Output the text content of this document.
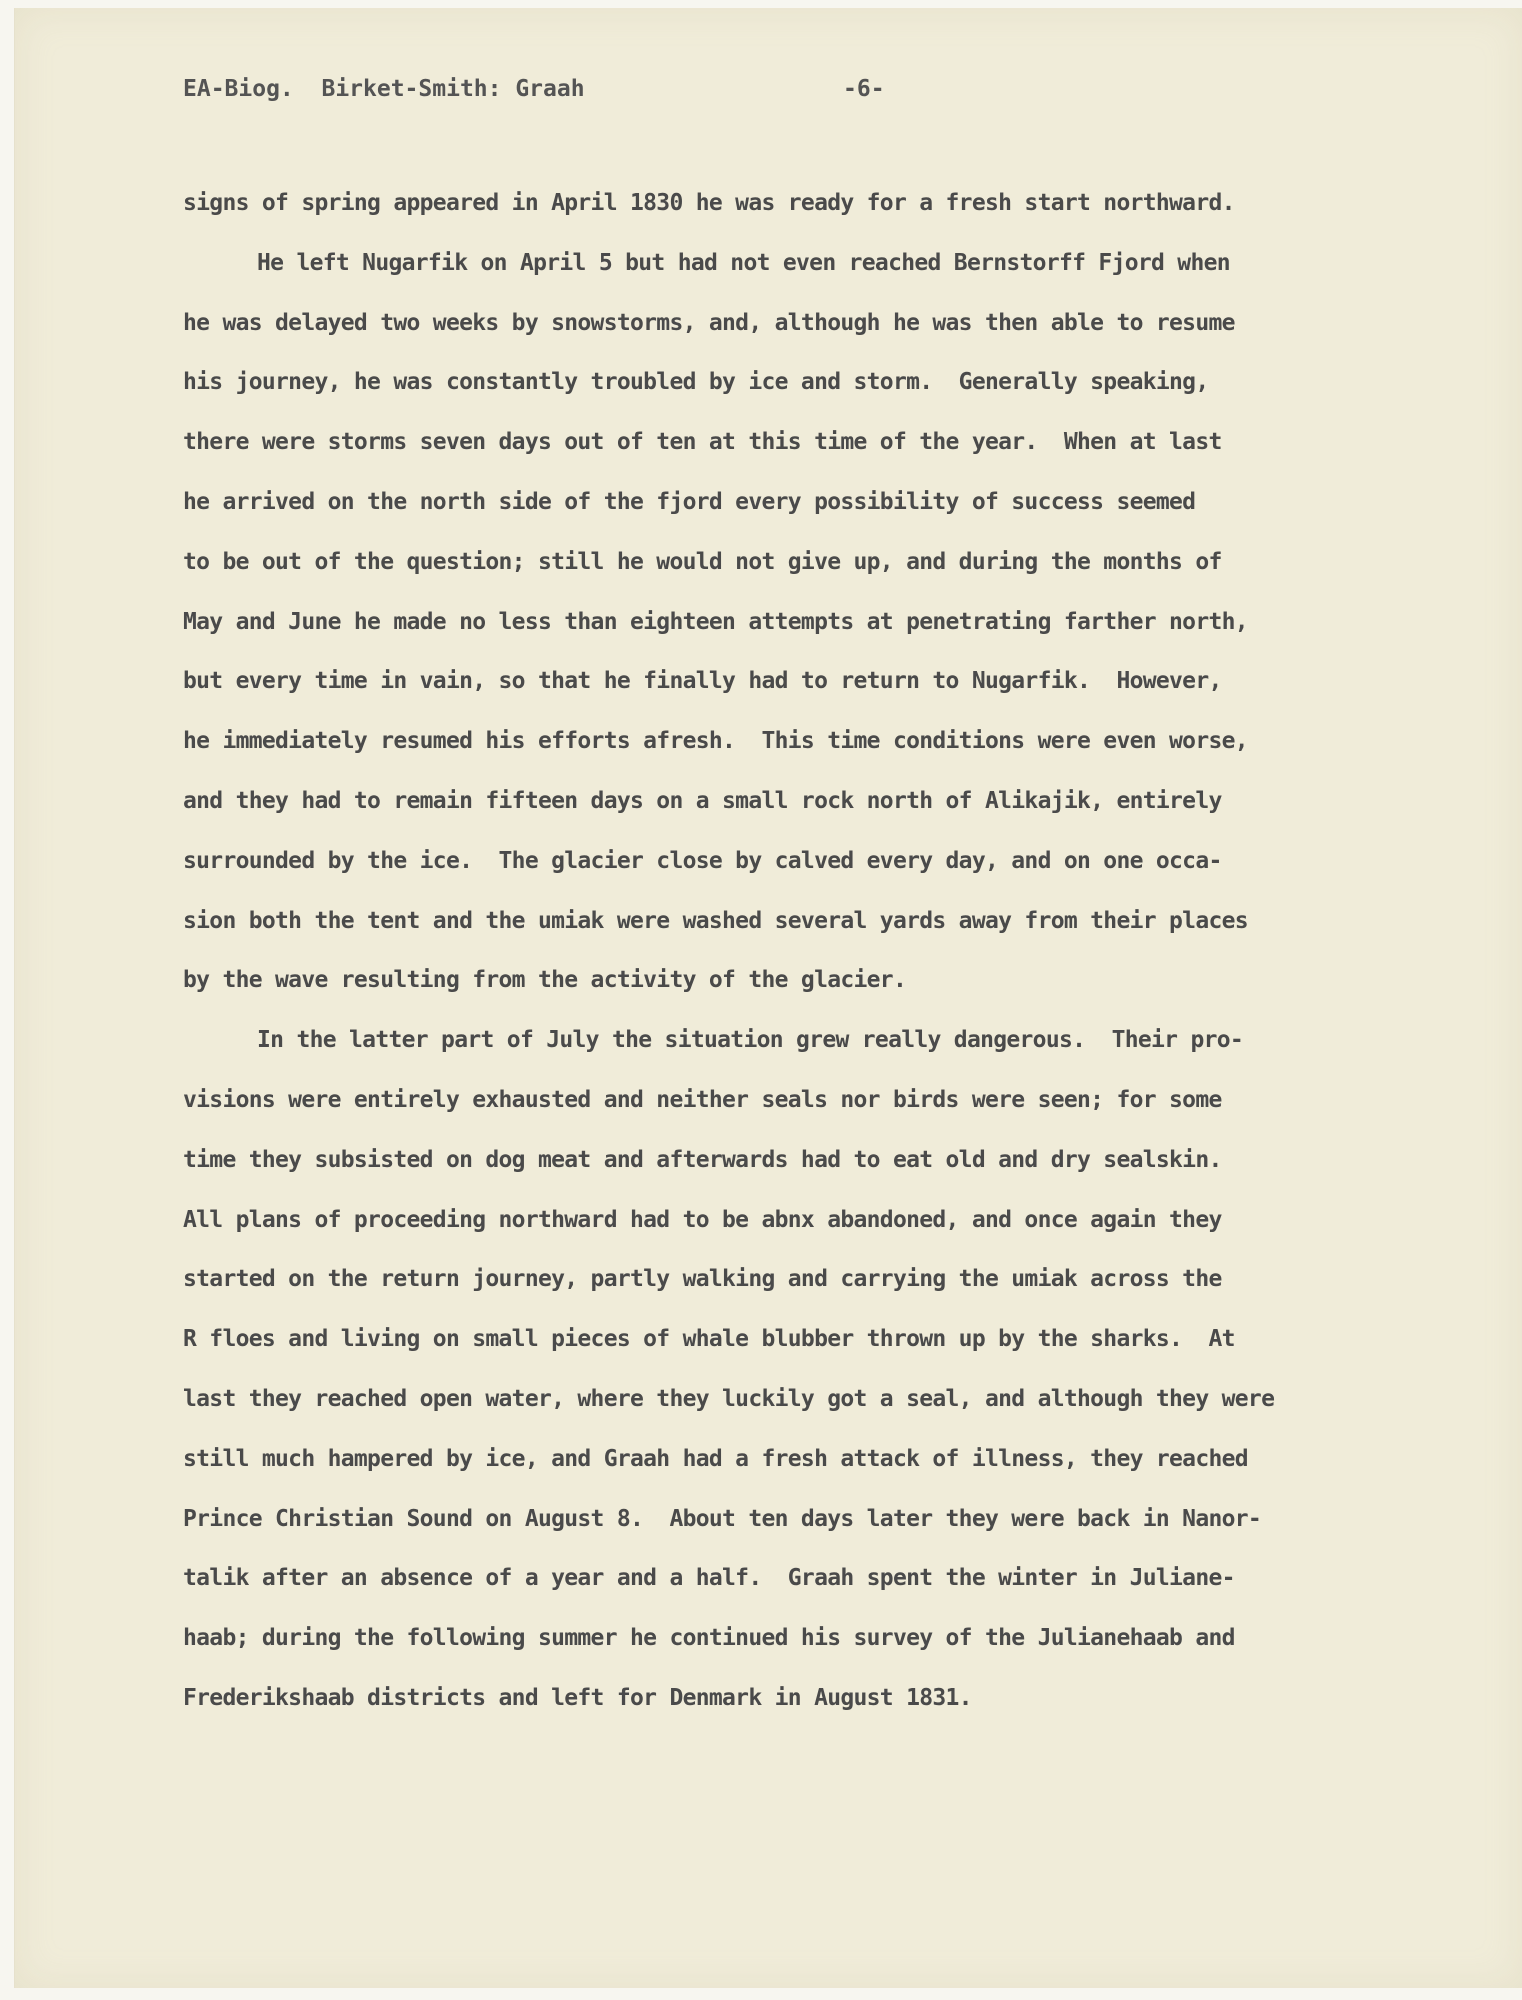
EA-Biog.  Birket-Smith: Graah

	-6-

signs of spring appeared in April 1830 he was ready for a fresh start northward.
He left Nugarfik on April 5 but had not even reached Bernstorff Fjord when
he was delayed two weeks by snowstorms, and, although he was then able to resume
his journey, he was constantly troubled by ice and storm.  Generally speaking,
there were storms seven days out of ten at this time of the year.  When at last
he arrived on the north side of the fjord every possibility of success seemed
to be out of the question; still he would not give up, and during the months of
May and June he made no less than eighteen attempts at penetrating farther north,
but every time in vain, so that he finally had to return to Nugarfik.  However,
he immediately resumed his efforts afresh.  This time conditions were even worse,
and they had to remain fifteen days on a small rock north of Alikajik, entirely
surrounded by the ice.  The glacier close by calved every day, and on one occa-
sion both the tent and the umiak were washed several yards away from their places
by the wave resulting from the activity of the glacier.
In the latter part of July the situation grew really dangerous.  Their pro-
visions were entirely exhausted and neither seals nor birds were seen; for some
time they subsisted on dog meat and afterwards had to eat old and dry sealskin.
All plans of proceeding northward had to be abnx abandoned, and once again they
started on the return journey, partly walking and carrying the umiak across the
R floes and living on small pieces of whale blubber thrown up by the sharks.  At
last they reached open water, where they luckily got a seal, and although they were
still much hampered by ice, and Graah had a fresh attack of illness, they reached
Prince Christian Sound on August 8.  About ten days later they were back in Nanor-
talik after an absence of a year and a half.  Graah spent the winter in Juliane-
haab; during the following summer he continued his survey of the Julianehaab and
Frederikshaab districts and left for Denmark in August 1831.
